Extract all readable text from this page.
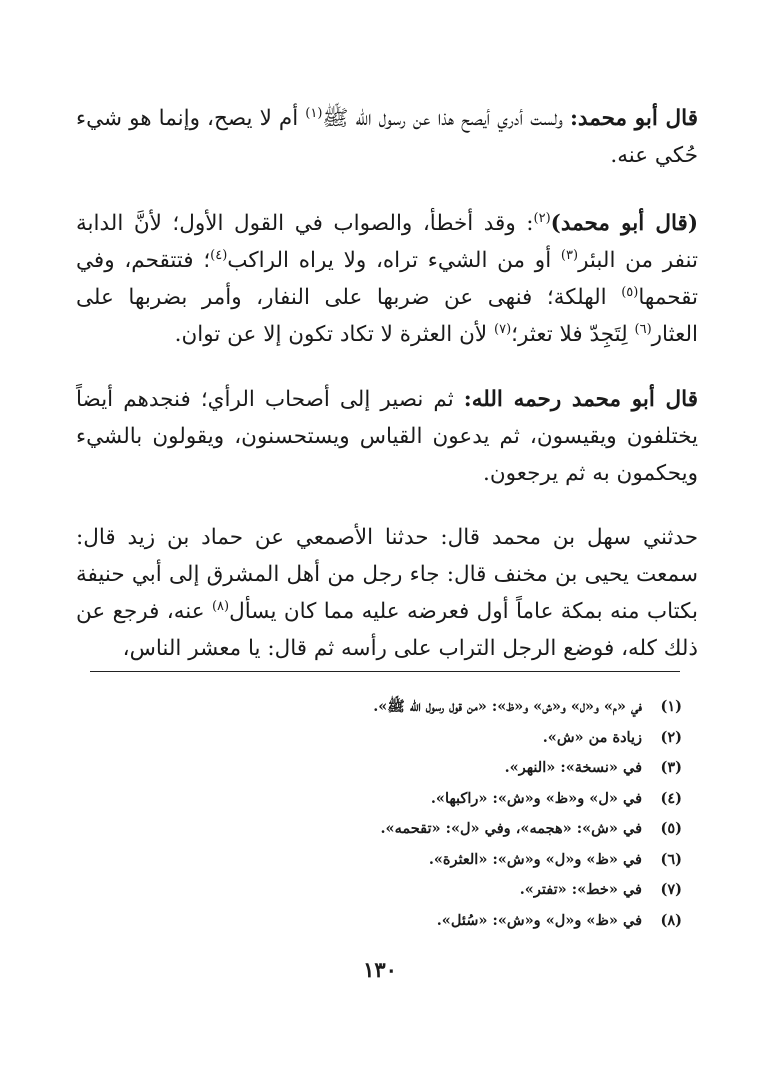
قال أبو محمد: ولست أدري أيصح هذا عن رسول الله ﷺ$^{(١)}$ أم لا يصح، وإنما هو شيء حُكي عنه.

(قال أبو محمد)$^{(٢)}$: وقد أخطأ، والصواب في القول الأول؛ لأنَّ الدابة تنفر من البئر$^{(٣)}$ أو من الشيء تراه، ولا يراه الراكب$^{(٤)}$؛ فتتقحم، وفي تقحمها$^{(٥)}$ الهلكة؛ فنهى عن ضربها على النفار، وأمر بضربها على العثار$^{(٦)}$ لِتَجِدّ فلا تعثر؛$^{(٧)}$ لأن العثرة لا تكاد تكون إلا عن توان.

قال أبو محمد رحمه الله: ثم نصير إلى أصحاب الرأي؛ فنجدهم أيضاً يختلفون ويقيسون، ثم يدعون القياس ويستحسنون، ويقولون بالشيء ويحكمون به ثم يرجعون.

حدثني سهل بن محمد قال: حدثنا الأصمعي عن حماد بن زيد قال: سمعت يحيى بن مخنف قال: جاء رجل من أهل المشرق إلى أبي حنيفة بكتاب منه بمكة عاماً أول فعرضه عليه مما كان يسأل$^{(٨)}$ عنه، فرجع عن ذلك كله، فوضع الرجل التراب على رأسه ثم قال: يا معشر الناس،

(١)في «م» و«ل» و«ش» و«ظ»: «من قول رسول الله ﷺ».
(٢)زيادة من «ش».
(٣)في «نسخة»: «النهر».
(٤)في «ل» و«ظ» و«ش»: «راكبها».
(٥)في «ش»: «هجمه»، وفي «ل»: «تقحمه».
(٦)في «ظ» و«ل» و«ش»: «العثرة».
(٧)في «خط»: «تفتر».
(٨)في «ظ» و«ل» و«ش»: «سُئل».
١٣٠
